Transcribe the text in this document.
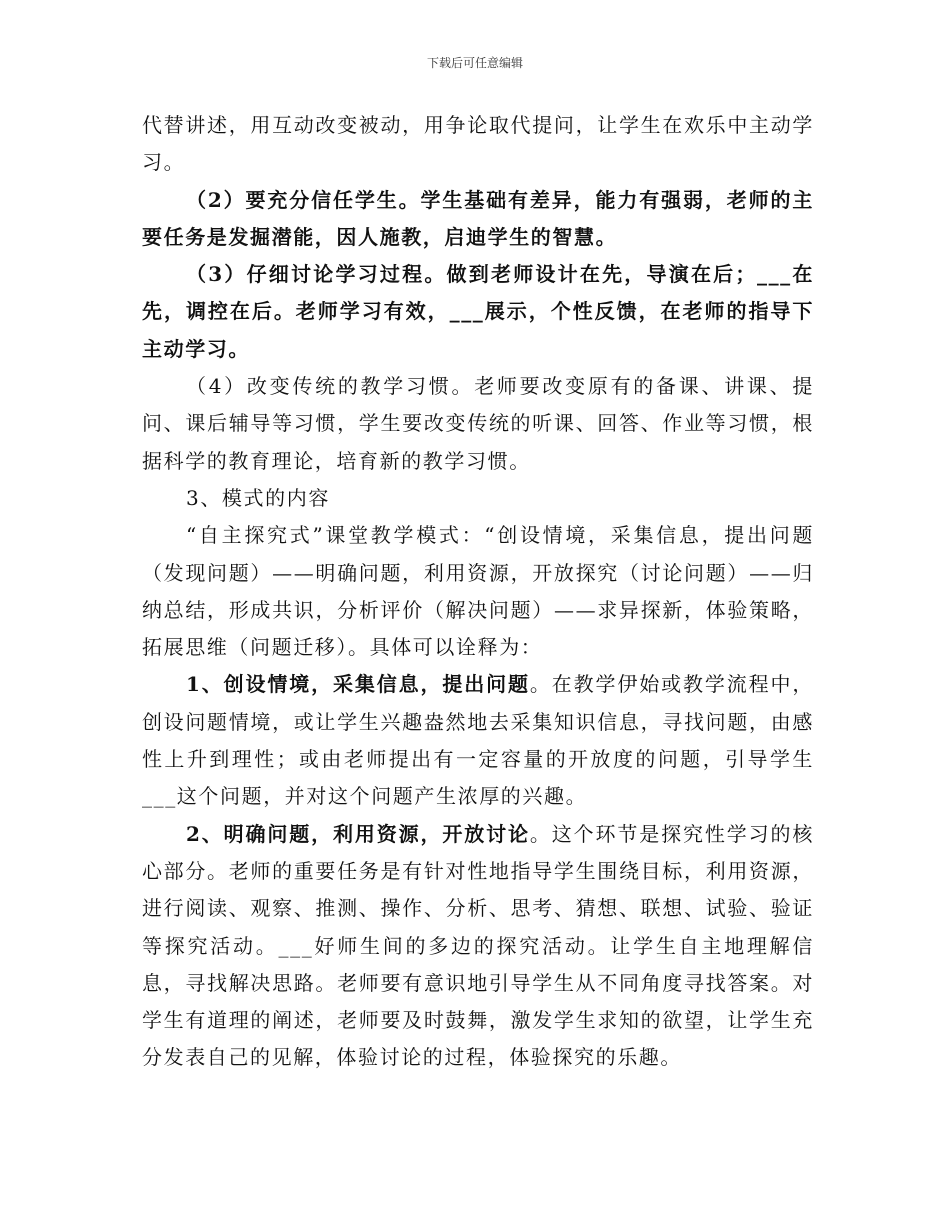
下载后可任意编辑

代替讲述，用互动改变被动，用争论取代提问，让学生在欢乐中主动学习。

（2）要充分信任学生。学生基础有差异，能力有强弱，老师的主要任务是发掘潜能，因人施教，启迪学生的智慧。

（3）仔细讨论学习过程。做到老师设计在先，导演在后；___在先，调控在后。老师学习有效，___展示，个性反馈，在老师的指导下主动学习。

（4）改变传统的教学习惯。老师要改变原有的备课、讲课、提问、课后辅导等习惯，学生要改变传统的听课、回答、作业等习惯，根据科学的教育理论，培育新的教学习惯。

3、模式的内容

“自主探究式”课堂教学模式：“创设情境，采集信息，提出问题（发现问题）——明确问题，利用资源，开放探究（讨论问题）——归纳总结，形成共识，分析评价（解决问题）——求异探新，体验策略，拓展思维（问题迁移）。具体可以诠释为：

1、创设情境，采集信息，提出问题。在教学伊始或教学流程中，创设问题情境，或让学生兴趣盎然地去采集知识信息，寻找问题，由感性上升到理性；或由老师提出有一定容量的开放度的问题，引导学生___这个问题，并对这个问题产生浓厚的兴趣。

2、明确问题，利用资源，开放讨论。这个环节是探究性学习的核心部分。老师的重要任务是有针对性地指导学生围绕目标，利用资源，进行阅读、观察、推测、操作、分析、思考、猜想、联想、试验、验证等探究活动。___好师生间的多边的探究活动。让学生自主地理解信息，寻找解决思路。老师要有意识地引导学生从不同角度寻找答案。对学生有道理的阐述，老师要及时鼓舞，激发学生求知的欲望，让学生充分发表自己的见解，体验讨论的过程，体验探究的乐趣。
